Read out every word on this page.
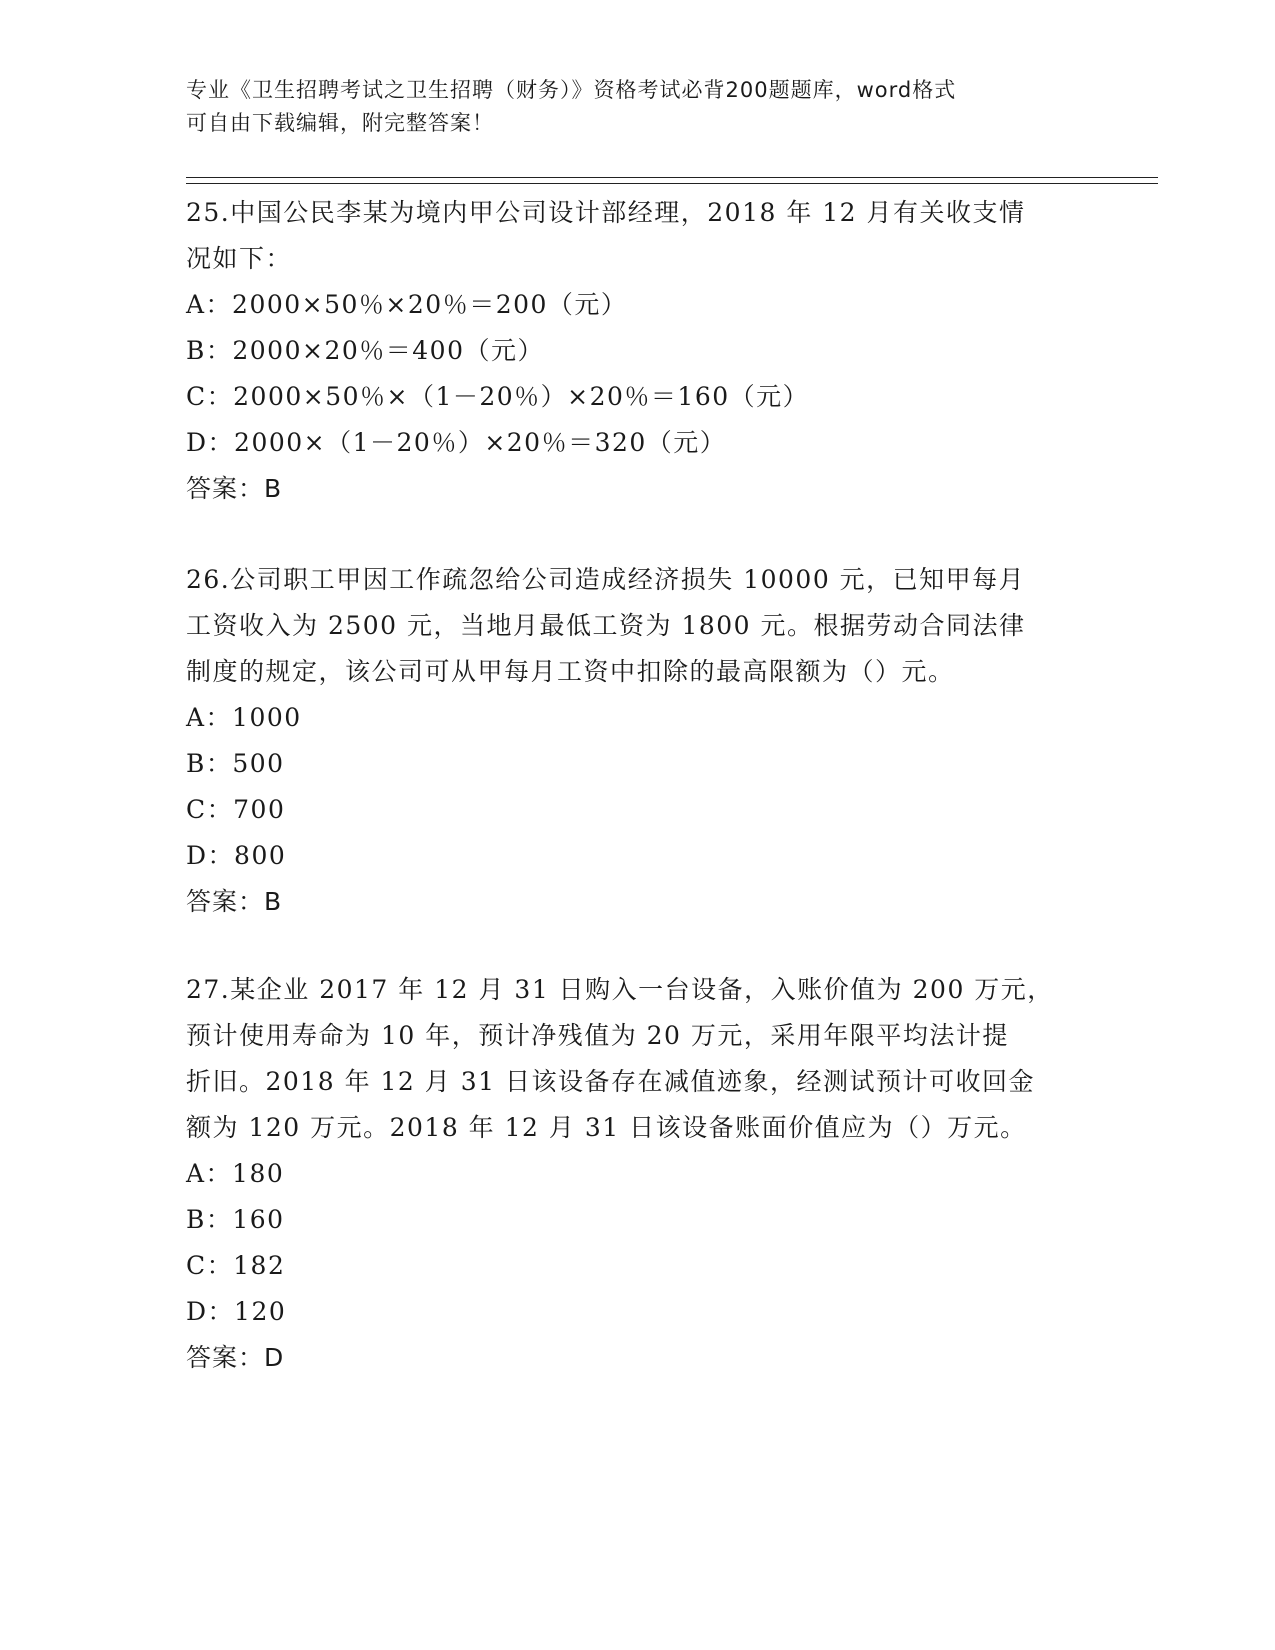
专业《卫生招聘考试之卫生招聘（财务）》资格考试必背200题题库，word格式
可自由下载编辑，附完整答案！

25.中国公民李某为境内甲公司设计部经理，2018 年 12 月有关收支情

况如下：

A：2000×50％×20％＝200（元）

B：2000×20％＝400（元）

C：2000×50％×（1－20％）×20％＝160（元）

D：2000×（1－20％）×20％＝320（元）

答案：B

26.公司职工甲因工作疏忽给公司造成经济损失 10000 元，已知甲每月

工资收入为 2500 元，当地月最低工资为 1800 元。根据劳动合同法律

制度的规定，该公司可从甲每月工资中扣除的最高限额为（）元。

A：1000

B：500

C：700

D：800

答案：B

27.某企业 2017 年 12 月 31 日购入一台设备，入账价值为 200 万元，

预计使用寿命为 10 年，预计净残值为 20 万元，采用年限平均法计提

折旧。2018 年 12 月 31 日该设备存在减值迹象，经测试预计可收回金

额为 120 万元。2018 年 12 月 31 日该设备账面价值应为（）万元。

A：180

B：160

C：182

D：120

答案：D
